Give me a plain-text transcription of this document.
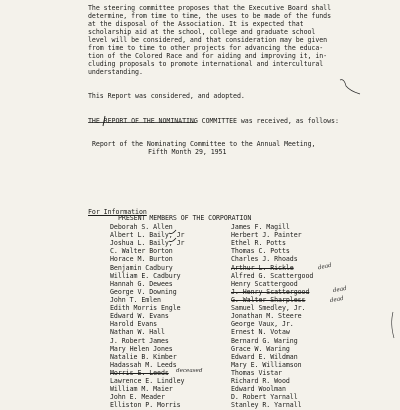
The steering committee proposes that the Executive Board shall
determine, from time to time, the uses to be made of the funds
at the disposal of the Association. It is expected that
scholarship aid at the school, college and graduate school
level will be considered, and that consideration may be given
from time to time to other projects for advancing the educa-
tion of the Colored Race and for aiding and improving it, in-
cluding proposals to promote international and intercultural
understanding.
This Report was considered, and adopted.
THE REPORT OF THE NOMINATING COMMITTEE was received, as follows:
Report of the Nominating Committee to the Annual Meeting,
Fifth Month 29, 1951
For Information
PRESENT MEMBERS OF THE CORPORATION
Deborah S. Allen
Albert L. Baily, Jr
Joshua L. Baily, Jr
C. Walter Borton
Horace M. Burton
Benjamin Cadbury
William E. Cadbury
Hannah G. Dewees
George V. Downing
John T. Emlen
Edith Morris Engle
Edward W. Evans
Harold Evans
Nathan W. Hall
J. Robert James
Mary Helen Jones
Natalie B. Kimber
Hadassah M. Leeds
Morris E. Leeds
Lawrence E. Lindley
William M. Maier
John E. Meader
Elliston P. Morris
James F. Magill
Herbert J. Painter
Ethel R. Potts
Thomas C. Potts
Charles J. Rhoads
Arthur L. Rickle
Alfred G. Scattergood
Henry Scattergood
J. Henry Scattergood
G. Walter Sharpless
Samuel Smedley, Jr.
Jonathan M. Steere
George Vaux, Jr.
Ernest N. Votaw
Bernard G. Waring
Grace W. Waring
Edward E. Wildman
Mary E. Williamson
Thomas Vistar
Richard R. Wood
Edward Woolman
D. Robert Yarnall
Stanley R. Yarnall
deceased
dead
dead
dead
